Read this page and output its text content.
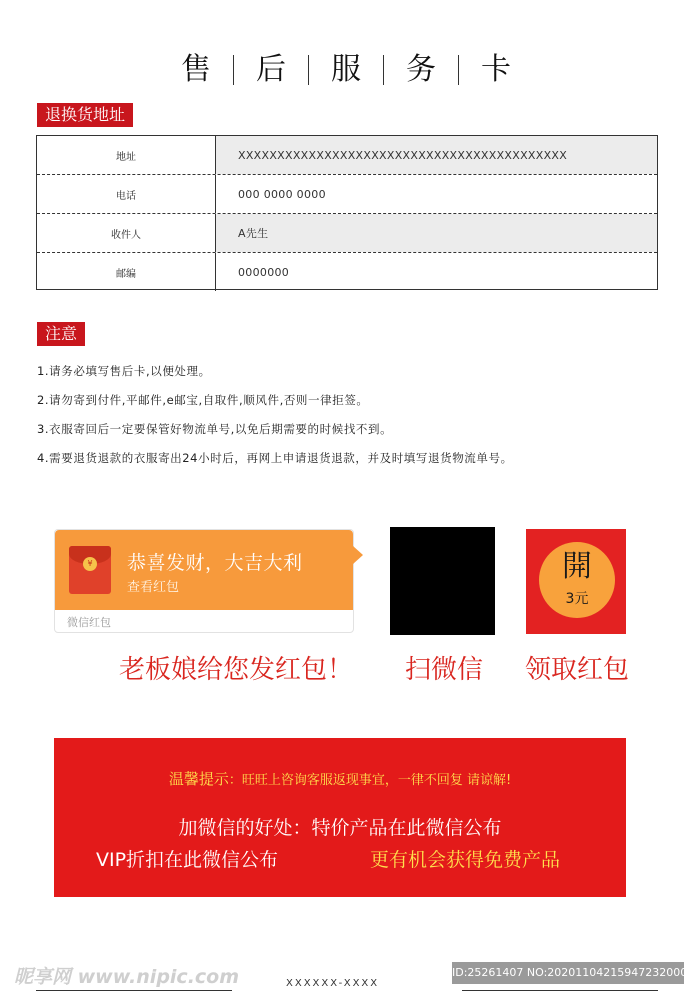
售	后	服	务	卡
退换货地址
地址	XXXXXXXXXXXXXXXXXXXXXXXXXXXXXXXXXXXXXXXXXX
电话	000 0000 0000
收件人	A先生
邮编	0000000
注意
1.请务必填写售后卡,以便处理。
2.请勿寄到付件,平邮件,e邮宝,自取件,顺风件,否则一律拒签。
3.衣服寄回后一定要保管好物流单号,以免后期需要的时候找不到。
4.需要退货退款的衣服寄出24小时后，再网上申请退货退款，并及时填写退货物流单号。
¥ 恭喜发财，大吉大利
查看红包
微信红包
開
3元
老板娘给您发红包！ 扫微信 领取红包
温馨提示：旺旺上咨询客服返现事宜，一律不回复 请谅解!
加微信的好处：特价产品在此微信公布
VIP折扣在此微信公布	更有机会获得免费产品
昵享网 www.nipic.com	XXXXXX-XXXX
ID:25261407 NO:20201104215947232000
